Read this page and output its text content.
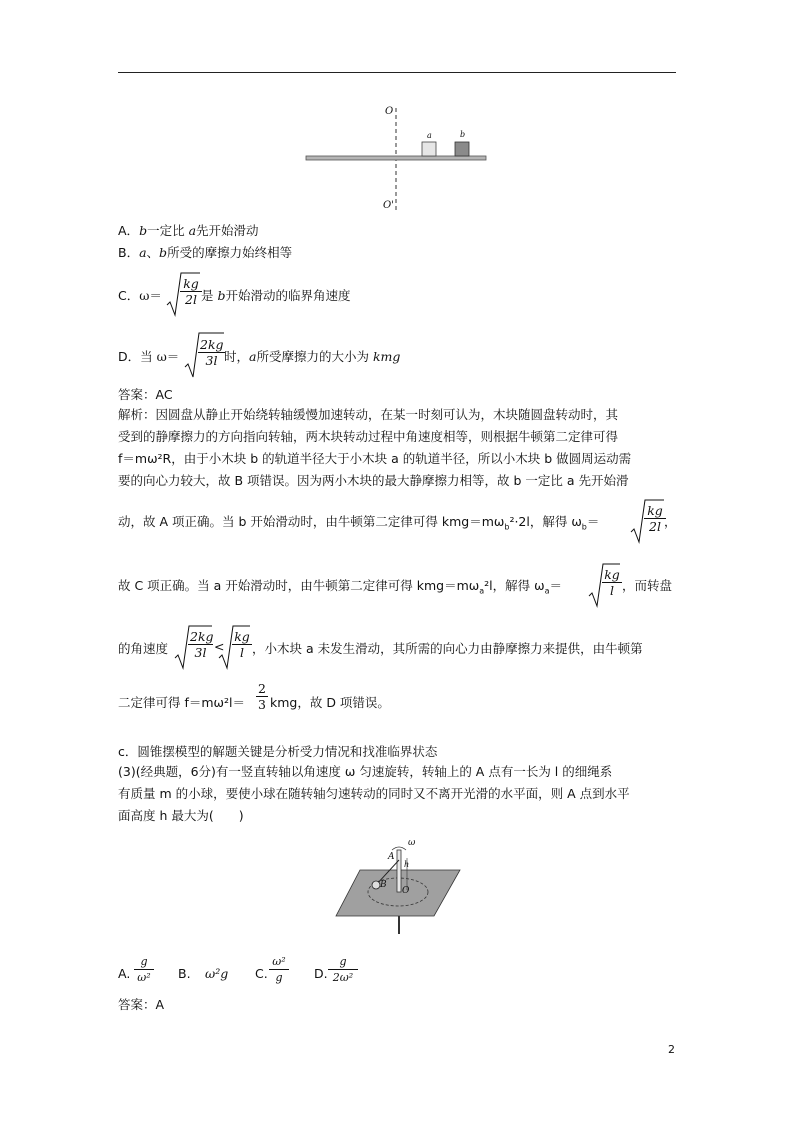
O
O'
a	b
A．b一定比 a先开始滑动
B．a、b所受的摩擦力始终相等
C．$\omega= \frac{kg}{2l}$ 是 b开始滑动的临界角速度
D．当 $\omega= \frac{2kg}{3l}$ 时，a所受摩擦力的大小为 kmg
答案：AC
解析：因圆盘从静止开始绕转轴缓慢加速转动，在某一时刻可认为，木块随圆盘转动时，其
受到的静摩擦力的方向指向转轴，两木块转动过程中角速度相等，则根据牛顿第二定律可得
f＝mω²R，由于小木块 b 的轨道半径大于小木块 a 的轨道半径，所以小木块 b 做圆周运动需
要的向心力较大，故 B 项错误。因为两小木块的最大静摩擦力相等，故 b 一定比 a 先开始滑
动，故 A 项正确。当 b 开始滑动时，由牛顿第二定律可得 $kmg=m\omega_b^2\cdot 2l$，解得 $\omega_b=$	$\frac{kg}{2l}$
，
故 C 项正确。当 a 开始滑动时，由牛顿第二定律可得 $kmg=m\omega_a^2l$，解得 $\omega_a=$	$\frac{kg}{l}$ ，而转盘
的角速度 $\frac{2kg}{3l} < \frac{kg}{l}$ ，小木块 a 未发生滑动，其所需的向心力由静摩擦力来提供，由牛顿第
二定律可得 $f=m\omega^2l= \frac{2}{3}$ kmg，故 D 项错误。
c．圆锥摆模型的解题关键是分析受力情况和找准临界状态
(3)(经典题，6分)有一竖直转轴以角速度 ω 匀速旋转，转轴上的 A 点有一长为 l 的细绳系
有质量 m 的小球，要使小球在随转轴匀速转动的同时又不离开光滑的水平面，则 A 点到水平
面高度 h 最大为(　　)
ω
A
h
B
O
A. $\frac{g}{\text{ω²}} B$. ω²g C. $\frac{\text{ω²}}{g} D$. $\frac{g}{\text{2ω²}}$
答案：A
2
